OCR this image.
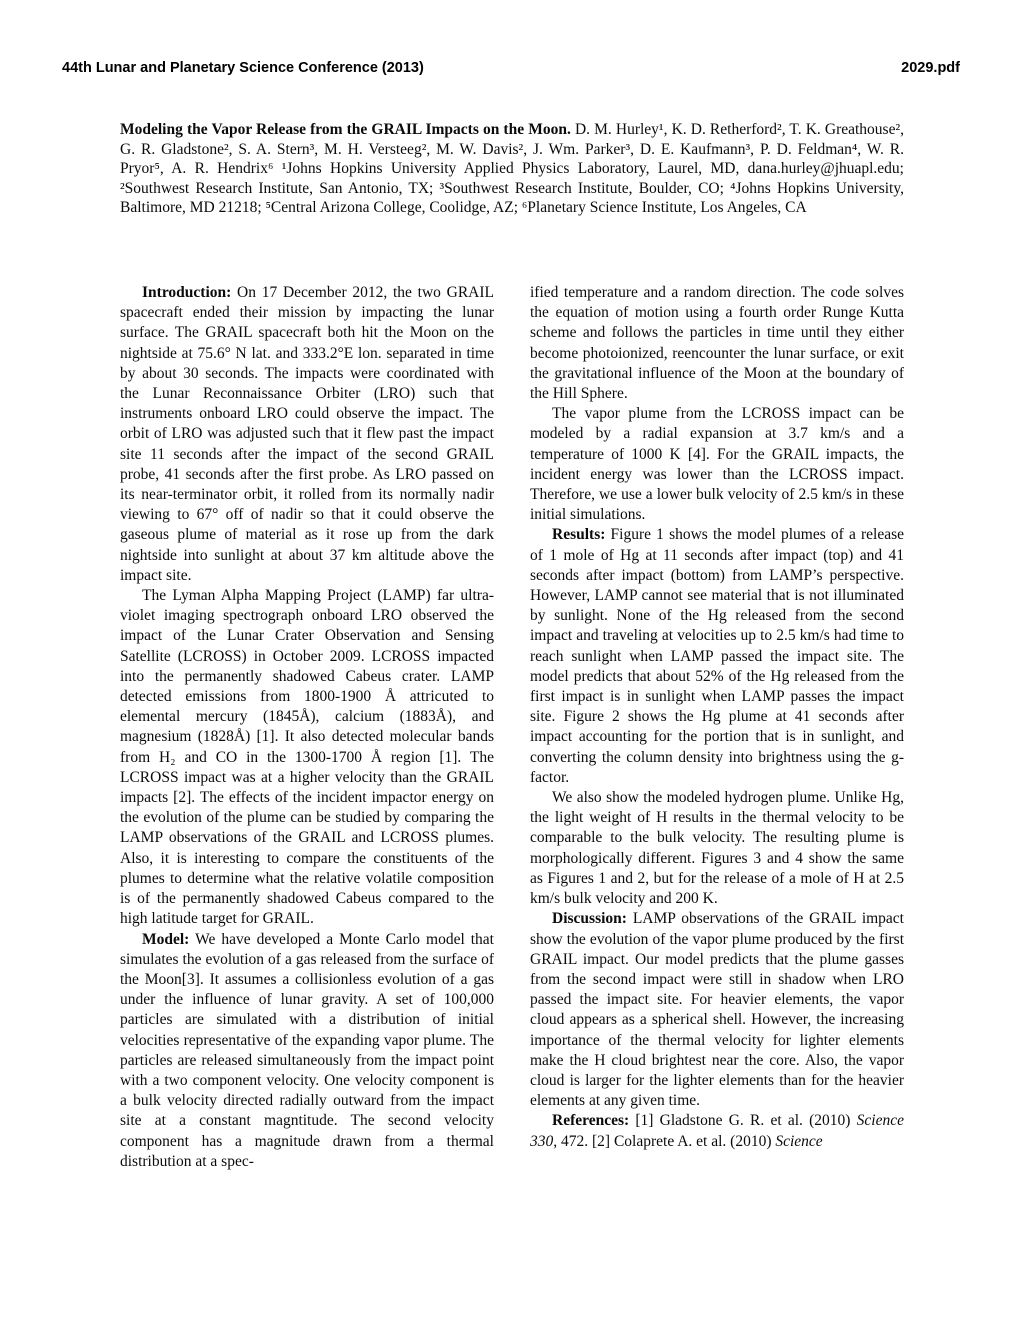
44th Lunar and Planetary Science Conference (2013)	2029.pdf
Modeling the Vapor Release from the GRAIL Impacts on the Moon. D. M. Hurley¹, K. D. Retherford², T. K. Greathouse², G. R. Gladstone², S. A. Stern³, M. H. Versteeg², M. W. Davis², J. Wm. Parker³, D. E. Kaufmann³, P. D. Feldman⁴, W. R. Pryor⁵, A. R. Hendrix⁶ ¹Johns Hopkins University Applied Physics Laboratory, Laurel, MD, dana.hurley@jhuapl.edu; ²Southwest Research Institute, San Antonio, TX; ³Southwest Research Institute, Boulder, CO; ⁴Johns Hopkins University, Baltimore, MD 21218; ⁵Central Arizona College, Coolidge, AZ; ⁶Planetary Science Institute, Los Angeles, CA

Introduction: On 17 December 2012, the two GRAIL spacecraft ended their mission by impacting the lunar surface. The GRAIL spacecraft both hit the Moon on the nightside at 75.6° N lat. and 333.2°E lon. separated in time by about 30 seconds. The impacts were coordinated with the Lunar Reconnaissance Orbiter (LRO) such that instruments onboard LRO could observe the impact. The orbit of LRO was adjusted such that it flew past the impact site 11 seconds after the impact of the second GRAIL probe, 41 seconds after the first probe. As LRO passed on its near-terminator orbit, it rolled from its normally nadir viewing to 67° off of nadir so that it could observe the gaseous plume of material as it rose up from the dark nightside into sunlight at about 37 km altitude above the impact site.

The Lyman Alpha Mapping Project (LAMP) far ultra-violet imaging spectrograph onboard LRO observed the impact of the Lunar Crater Observation and Sensing Satellite (LCROSS) in October 2009. LCROSS impacted into the permanently shadowed Cabeus crater. LAMP detected emissions from 1800-1900 Å attricuted to elemental mercury (1845Å), calcium (1883Å), and magnesium (1828Å) [1]. It also detected molecular bands from H₂ and CO in the 1300-1700 Å region [1]. The LCROSS impact was at a higher velocity than the GRAIL impacts [2]. The effects of the incident impactor energy on the evolution of the plume can be studied by comparing the LAMP observations of the GRAIL and LCROSS plumes. Also, it is interesting to compare the constituents of the plumes to determine what the relative volatile composition is of the permanently shadowed Cabeus compared to the high latitude target for GRAIL.

Model: We have developed a Monte Carlo model that simulates the evolution of a gas released from the surface of the Moon[3]. It assumes a collisionless evolution of a gas under the influence of lunar gravity. A set of 100,000 particles are simulated with a distribution of initial velocities representative of the expanding vapor plume. The particles are released simultaneously from the impact point with a two component velocity. One velocity component is a bulk velocity directed radially outward from the impact site at a constant magntitude. The second velocity component has a magnitude drawn from a thermal distribution at a spec-

ified temperature and a random direction. The code solves the equation of motion using a fourth order Runge Kutta scheme and follows the particles in time until they either become photoionized, reencounter the lunar surface, or exit the gravitational influence of the Moon at the boundary of the Hill Sphere.

The vapor plume from the LCROSS impact can be modeled by a radial expansion at 3.7 km/s and a temperature of 1000 K [4]. For the GRAIL impacts, the incident energy was lower than the LCROSS impact. Therefore, we use a lower bulk velocity of 2.5 km/s in these initial simulations.

Results: Figure 1 shows the model plumes of a release of 1 mole of Hg at 11 seconds after impact (top) and 41 seconds after impact (bottom) from LAMP’s perspective. However, LAMP cannot see material that is not illuminated by sunlight. None of the Hg released from the second impact and traveling at velocities up to 2.5 km/s had time to reach sunlight when LAMP passed the impact site. The model predicts that about 52% of the Hg released from the first impact is in sunlight when LAMP passes the impact site. Figure 2 shows the Hg plume at 41 seconds after impact accounting for the portion that is in sunlight, and converting the column density into brightness using the g-factor.

We also show the modeled hydrogen plume. Unlike Hg, the light weight of H results in the thermal velocity to be comparable to the bulk velocity. The resulting plume is morphologically different. Figures 3 and 4 show the same as Figures 1 and 2, but for the release of a mole of H at 2.5 km/s bulk velocity and 200 K.

Discussion: LAMP observations of the GRAIL impact show the evolution of the vapor plume produced by the first GRAIL impact. Our model predicts that the plume gasses from the second impact were still in shadow when LRO passed the impact site. For heavier elements, the vapor cloud appears as a spherical shell. However, the increasing importance of the thermal velocity for lighter elements make the H cloud brightest near the core. Also, the vapor cloud is larger for the lighter elements than for the heavier elements at any given time.

References: [1] Gladstone G. R. et al. (2010) Science 330, 472. [2] Colaprete A. et al. (2010) Science
